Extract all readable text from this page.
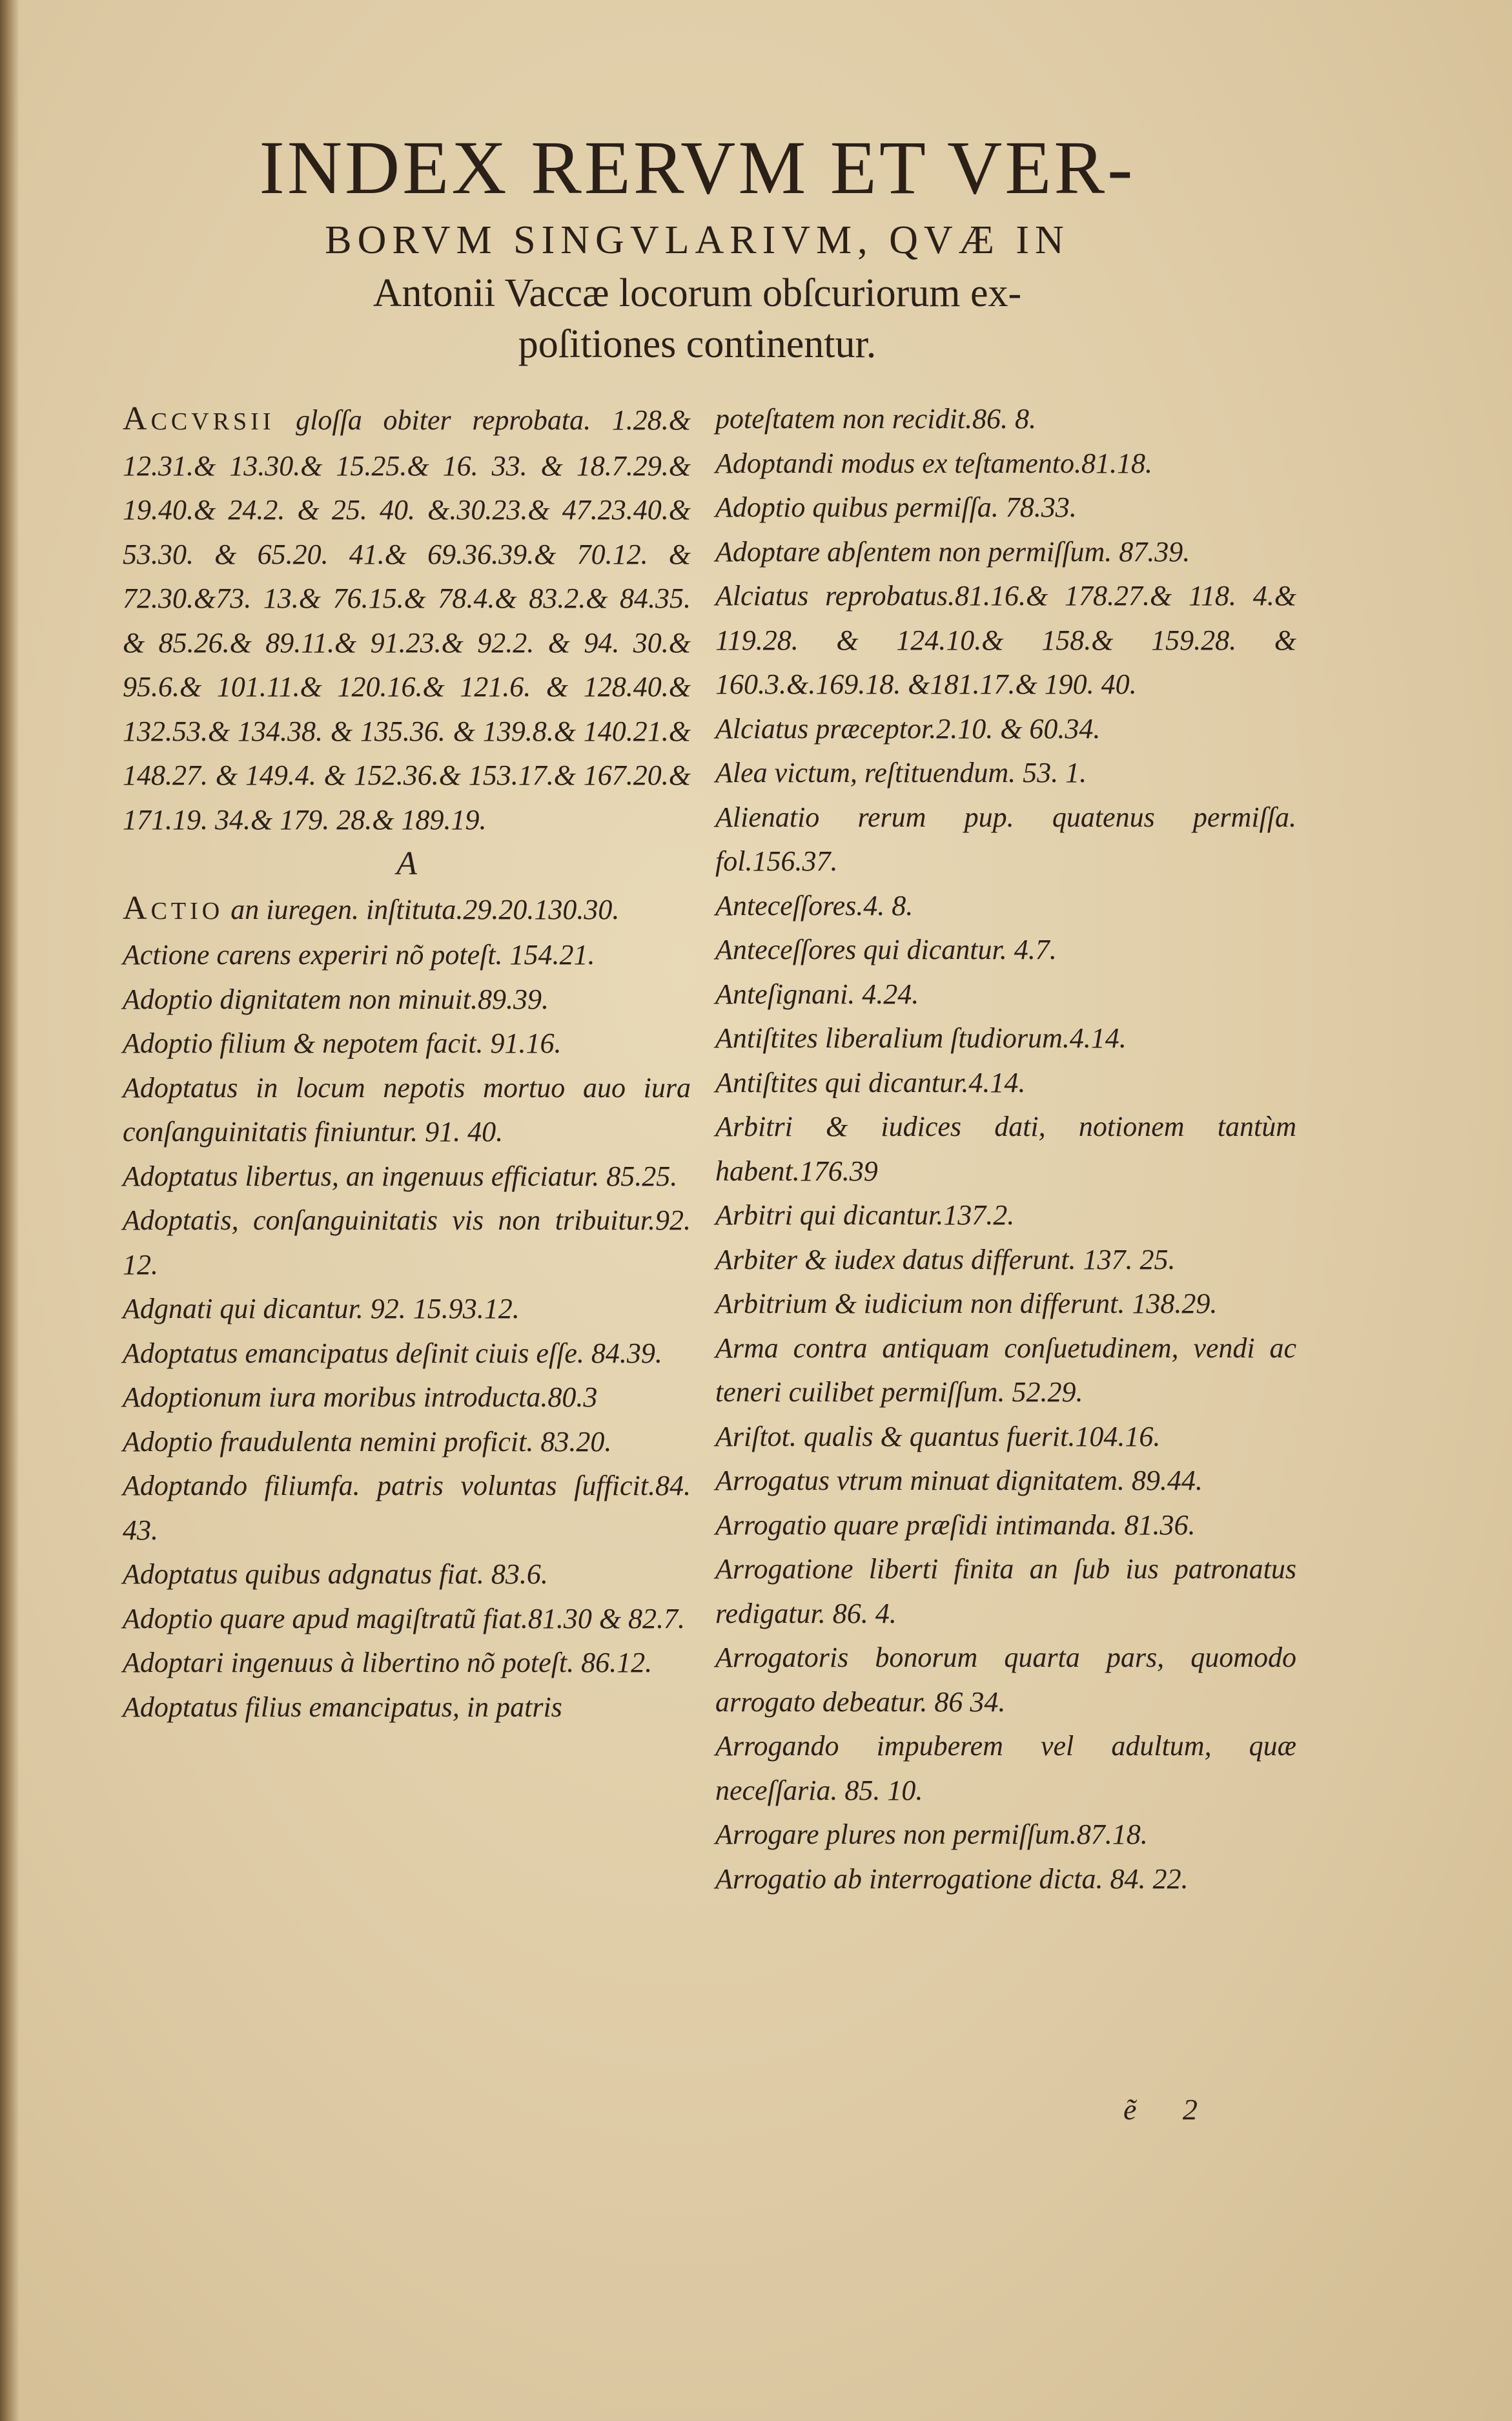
INDEX RERVM ET VER-
BORVM SINGVLARIVM, QVÆ IN
Antonii Vaccæ locorum obſcuriorum ex-
poſitiones continentur.
ACCVRSII gloſſa obiter reprobata. 1.28.& 12.31.& 13.30.& 15.25.& 16. 33. & 18.7.29.& 19.40.& 24.2. & 25. 40. &.30.23.& 47.23.40.& 53.30. & 65.20. 41.& 69.36.39.& 70.12. & 72.30.&73. 13.& 76.15.& 78.4.& 83.2.& 84.35. & 85.26.& 89.11.& 91.23.& 92.2. & 94. 30.& 95.6.& 101.11.& 120.16.& 121.6. & 128.40.& 132.53.& 134.38. & 135.36. & 139.8.& 140.21.& 148.27. & 149.4. & 152.36.& 153.17.& 167.20.& 171.19. 34.& 179. 28.& 189.19.
A
ACTIO an iuregen. inſtituta.29.20.130.30.
Actione carens experiri nõ poteſt. 154.21.
Adoptio dignitatem non minuit.89.39.
Adoptio filium & nepotem facit. 91.16.
Adoptatus in locum nepotis mortuo auo iura conſanguinitatis finiuntur. 91. 40.
Adoptatus libertus, an ingenuus efficiatur. 85.25.
Adoptatis, conſanguinitatis vis non tribuitur.92. 12.
Adgnati qui dicantur. 92. 15.93.12.
Adoptatus emancipatus deſinit ciuis eſſe. 84.39.
Adoptionum iura moribus introducta.80.3
Adoptio fraudulenta nemini proficit. 83.20.
Adoptando filiumfa. patris voluntas ſufficit.84. 43.
Adoptatus quibus adgnatus fiat. 83.6.
Adoptio quare apud magiſtratũ fiat.81.30 & 82.7.
Adoptari ingenuus à libertino nõ poteſt. 86.12.
Adoptatus filius emancipatus, in patris
poteſtatem non recidit.86. 8.
Adoptandi modus ex teſtamento.81.18.
Adoptio quibus permiſſa. 78.33.
Adoptare abſentem non permiſſum. 87.39.
Alciatus reprobatus.81.16.& 178.27.& 118. 4.& 119.28. & 124.10.& 158.& 159.28. & 160.3.&.169.18. &181.17.& 190. 40.
Alciatus præceptor.2.10. & 60.34.
Alea victum, reſtituendum. 53. 1.
Alienatio rerum pup. quatenus permiſſa. fol.156.37.
Anteceſſores.4. 8.
Anteceſſores qui dicantur. 4.7.
Anteſignani. 4.24.
Antiſtites liberalium ſtudiorum.4.14.
Antiſtites qui dicantur.4.14.
Arbitri & iudices dati, notionem tantùm habent.176.39
Arbitri qui dicantur.137.2.
Arbiter & iudex datus differunt. 137. 25.
Arbitrium & iudicium non differunt. 138.29.
Arma contra antiquam conſuetudinem, vendi ac teneri cuilibet permiſſum. 52.29.
Ariſtot. qualis & quantus fuerit.104.16.
Arrogatus vtrum minuat dignitatem. 89.44.
Arrogatio quare præſidi intimanda. 81.36.
Arrogatione liberti finita an ſub ius patronatus redigatur. 86. 4.
Arrogatoris bonorum quarta pars, quomodo arrogato debeatur. 86 34.
Arrogando impuberem vel adultum, quæ neceſſaria. 85. 10.
Arrogare plures non permiſſum.87.18.
Arrogatio ab interrogatione dicta. 84. 22.
ẽ 2
